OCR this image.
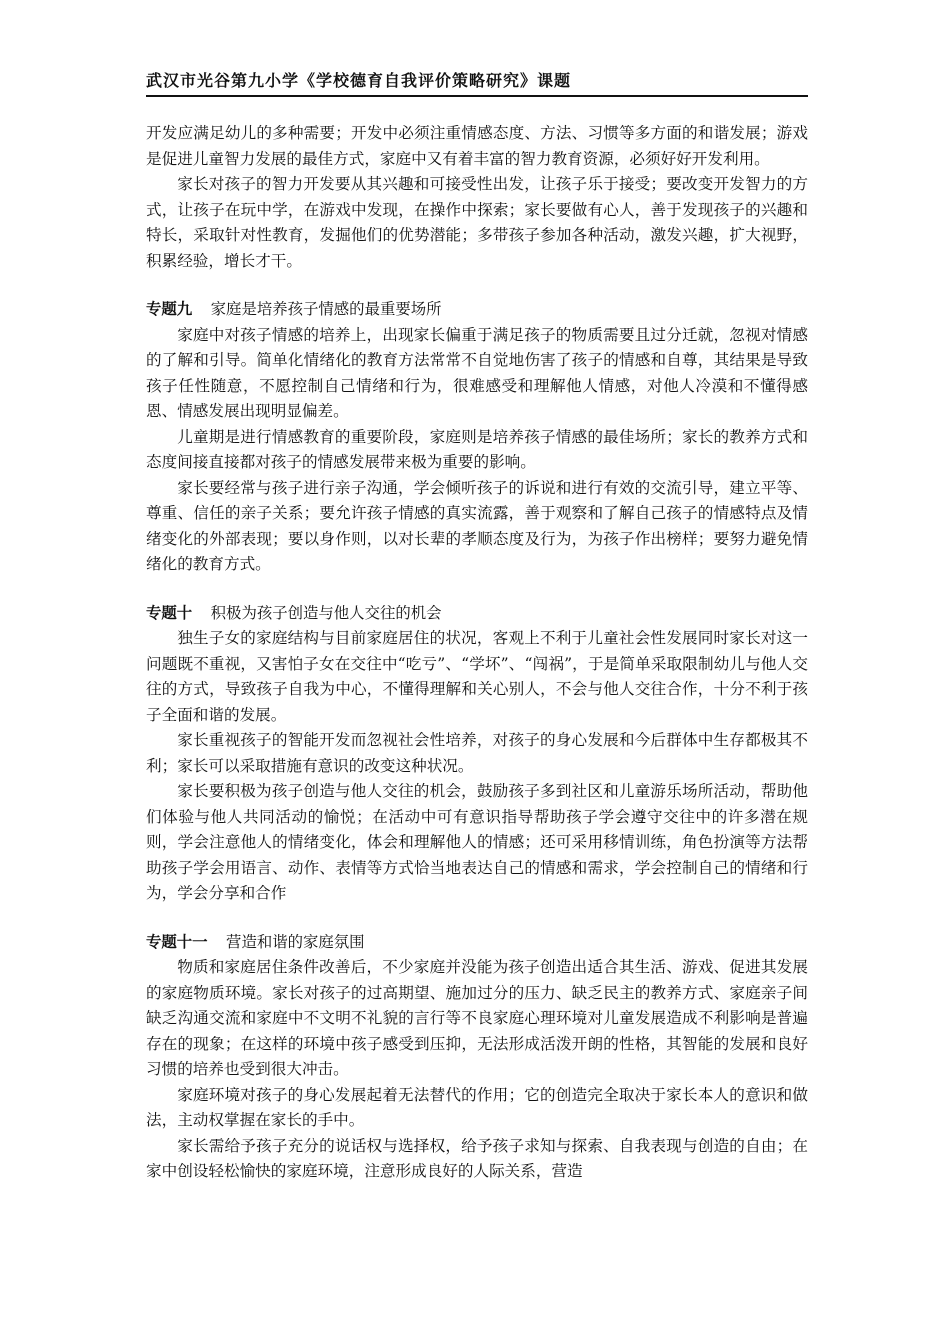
武汉市光谷第九小学《学校德育自我评价策略研究》课题

开发应满足幼儿的多种需要；开发中必须注重情感态度、方法、习惯等多方面的和谐发展；游戏是促进儿童智力发展的最佳方式，家庭中又有着丰富的智力教育资源，必须好好开发利用。

家长对孩子的智力开发要从其兴趣和可接受性出发，让孩子乐于接受；要改变开发智力的方式，让孩子在玩中学，在游戏中发现，在操作中探索；家长要做有心人，善于发现孩子的兴趣和特长，采取针对性教育，发掘他们的优势潜能；多带孩子参加各种活动，激发兴趣，扩大视野，积累经验，增长才干。

专题九 家庭是培养孩子情感的最重要场所

家庭中对孩子情感的培养上，出现家长偏重于满足孩子的物质需要且过分迁就，忽视对情感的了解和引导。简单化情绪化的教育方法常常不自觉地伤害了孩子的情感和自尊，其结果是导致孩子任性随意，不愿控制自己情绪和行为，很难感受和理解他人情感，对他人冷漠和不懂得感恩、情感发展出现明显偏差。

儿童期是进行情感教育的重要阶段，家庭则是培养孩子情感的最佳场所；家长的教养方式和态度间接直接都对孩子的情感发展带来极为重要的影响。

家长要经常与孩子进行亲子沟通，学会倾听孩子的诉说和进行有效的交流引导，建立平等、尊重、信任的亲子关系；要允许孩子情感的真实流露，善于观察和了解自己孩子的情感特点及情绪变化的外部表现；要以身作则，以对长辈的孝顺态度及行为，为孩子作出榜样；要努力避免情绪化的教育方式。

专题十 积极为孩子创造与他人交往的机会

独生子女的家庭结构与目前家庭居住的状况，客观上不利于儿童社会性发展同时家长对这一问题既不重视，又害怕子女在交往中“吃亏”、“学坏”、“闯祸”，于是简单采取限制幼儿与他人交往的方式，导致孩子自我为中心，不懂得理解和关心别人，不会与他人交往合作，十分不利于孩子全面和谐的发展。

家长重视孩子的智能开发而忽视社会性培养，对孩子的身心发展和今后群体中生存都极其不利；家长可以采取措施有意识的改变这种状况。

家长要积极为孩子创造与他人交往的机会，鼓励孩子多到社区和儿童游乐场所活动，帮助他们体验与他人共同活动的愉悦；在活动中可有意识指导帮助孩子学会遵守交往中的许多潜在规则，学会注意他人的情绪变化，体会和理解他人的情感；还可采用移情训练，角色扮演等方法帮助孩子学会用语言、动作、表情等方式恰当地表达自己的情感和需求，学会控制自己的情绪和行为，学会分享和合作

专题十一 营造和谐的家庭氛围

物质和家庭居住条件改善后，不少家庭并没能为孩子创造出适合其生活、游戏、促进其发展的家庭物质环境。家长对孩子的过高期望、施加过分的压力、缺乏民主的教养方式、家庭亲子间缺乏沟通交流和家庭中不文明不礼貌的言行等不良家庭心理环境对儿童发展造成不利影响是普遍存在的现象；在这样的环境中孩子感受到压抑，无法形成活泼开朗的性格，其智能的发展和良好习惯的培养也受到很大冲击。

家庭环境对孩子的身心发展起着无法替代的作用；它的创造完全取决于家长本人的意识和做法，主动权掌握在家长的手中。

家长需给予孩子充分的说话权与选择权，给予孩子求知与探索、自我表现与创造的自由；在家中创设轻松愉快的家庭环境，注意形成良好的人际关系，营造
